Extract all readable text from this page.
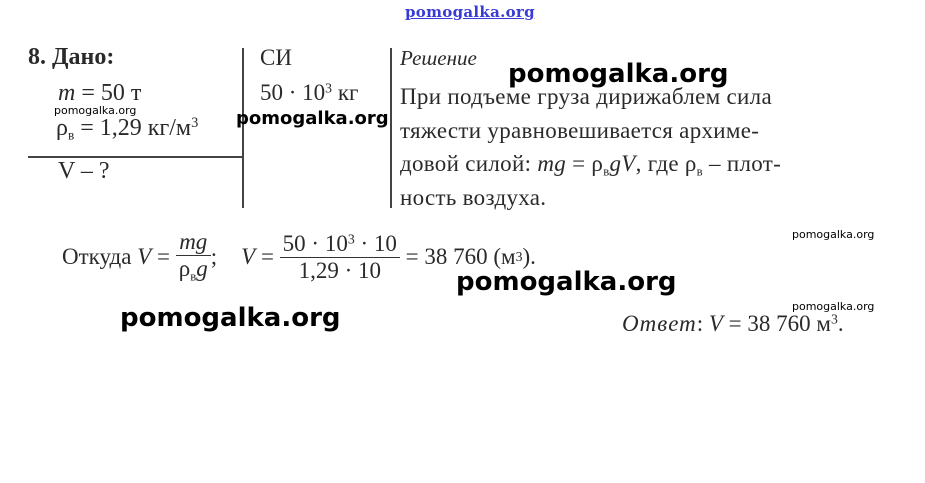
pomogalka.org
8. Дано:
m = 50 т
$\rho_в = 1,29$ $кг/м^3$
V – ?
СИ
$50 \cdot 10^3$ кг
Решение
При подъеме груза дирижаблем сила
тяжести уравновешивается архиме-
довой силой: mg = $\rho_вgV$, где $\rho_в$ – плот-
ность воздуха.
Откуда $V = \frac{mg}{\rho_вg}$ ; $V = \frac{50 \cdot 10^3 \cdot 10}{1,29 \cdot 10} = 38$ 760 (м 3 ).
Ответ: V = 38 760 $м^3$.
pomogalka.org
pomogalka.org	pomogalka.org
pomogalka.org
pomogalka.org
pomogalka.org
pomogalka.org
